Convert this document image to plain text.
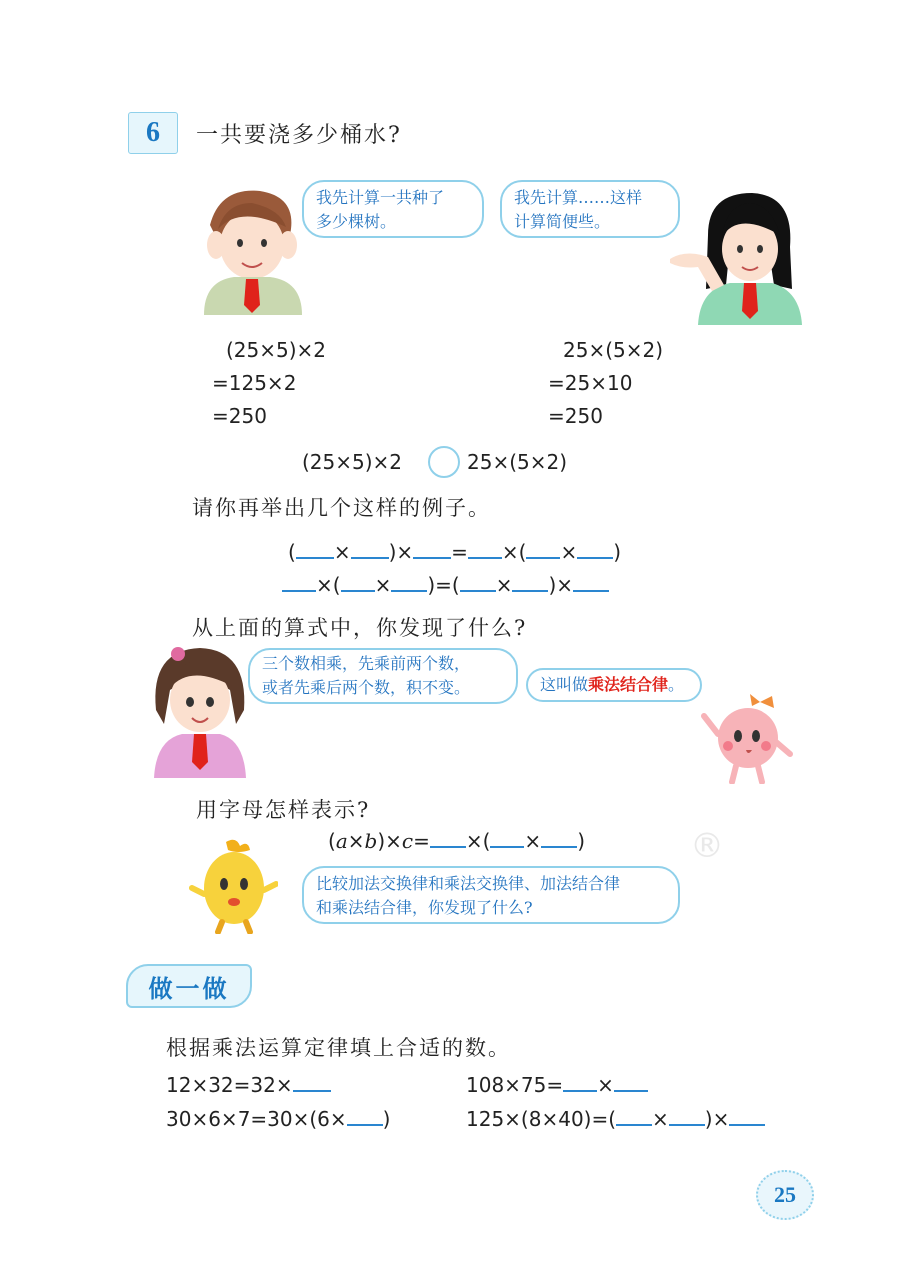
6 一共要浇多少桶水?
我先计算一共种了
多少棵树。
我先计算……这样
计算简便些。
(25×5)×2
=125×2
=250
25×(5×2)
=25×10
=250
(25×5)×2	25×(5×2)
请你再举出几个这样的例子。
( × )× = ×( × )
×( × )=( × )×
从上面的算式中，你发现了什么?
三个数相乘，先乘前两个数，
或者先乘后两个数，积不变。	这叫做乘法结合律。
用字母怎样表示?
(a×b)×c= ×( × )	®
比较加法交换律和乘法交换律、加法结合律
和乘法结合律，你发现了什么?
做一做
根据乘法运算定律填上合适的数。
12×32=32×	108×75= ×
30×6×7=30×(6× )	125×(8×40)=( × )×
25
